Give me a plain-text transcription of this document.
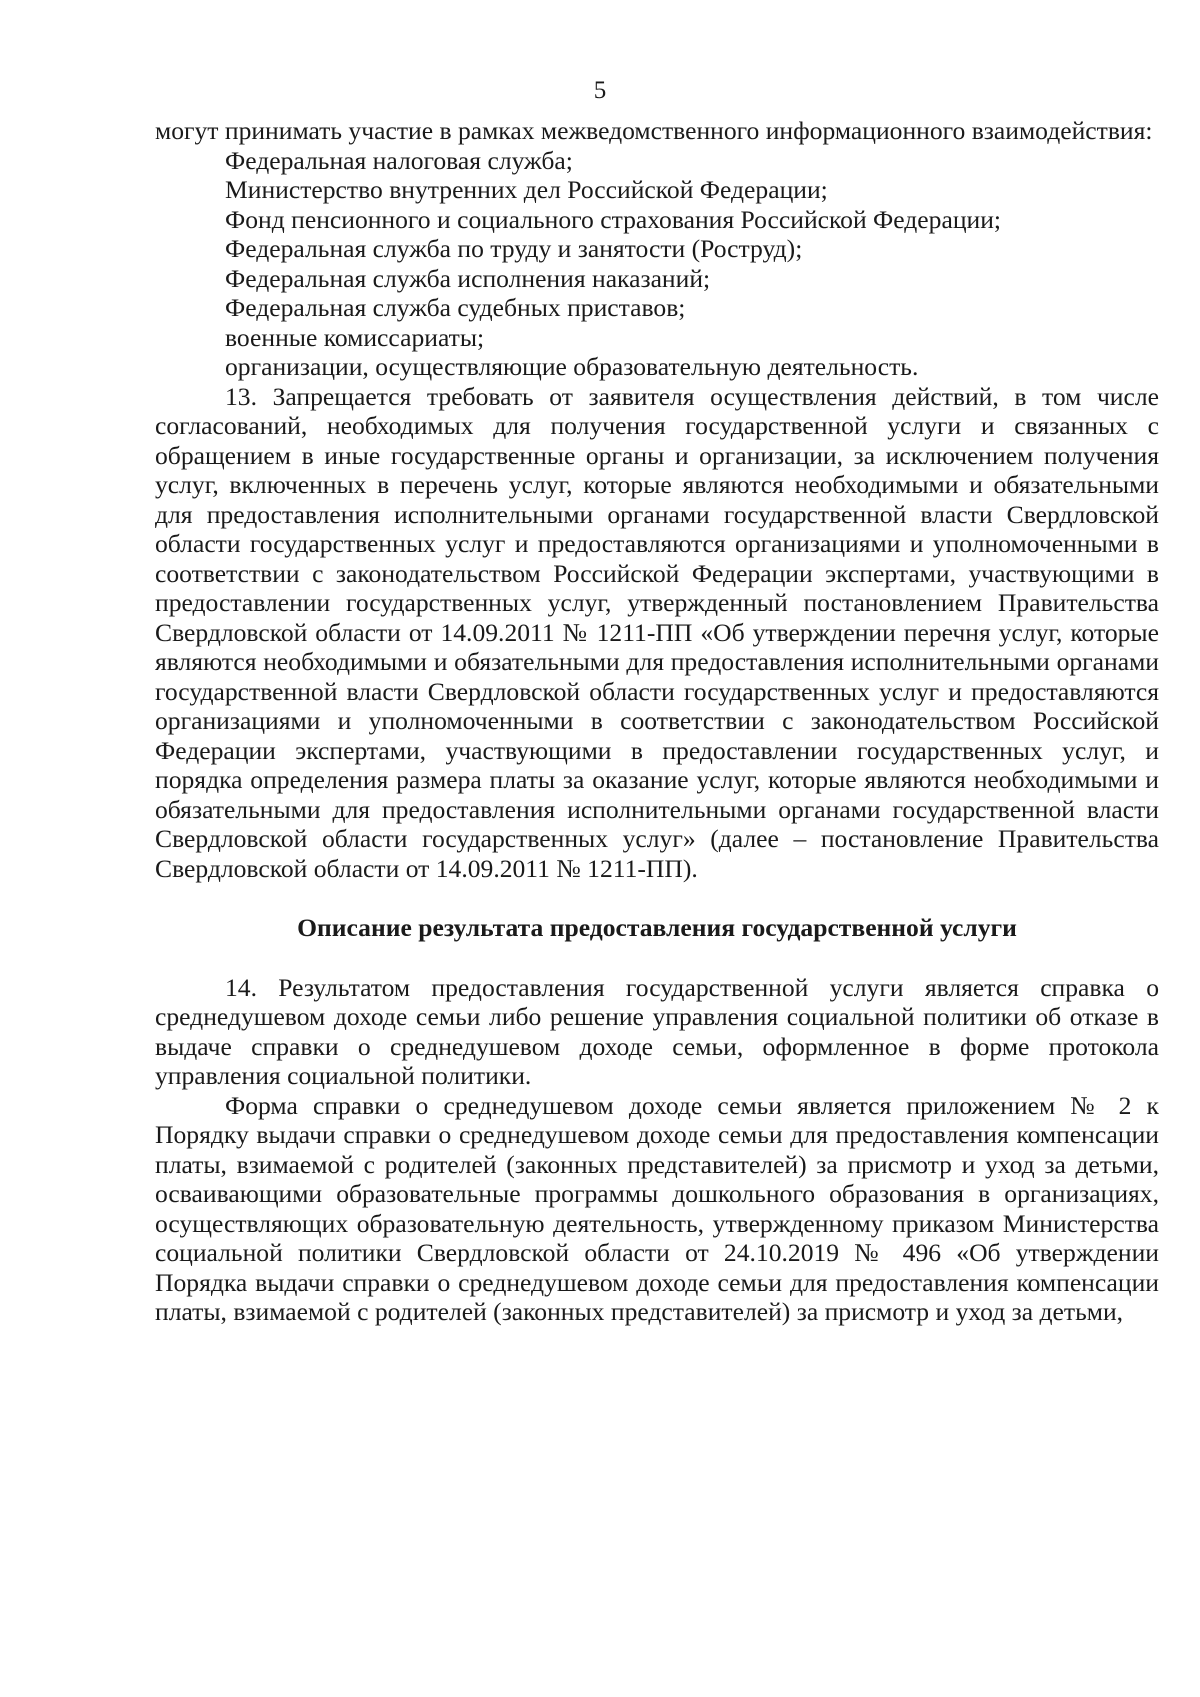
5

могут принимать участие в рамках межведомственного информационного взаимодействия:

Федеральная налоговая служба;

Министерство внутренних дел Российской Федерации;

Фонд пенсионного и социального страхования Российской Федерации;

Федеральная служба по труду и занятости (Роструд);

Федеральная служба исполнения наказаний;

Федеральная служба судебных приставов;

военные комиссариаты;

организации, осуществляющие образовательную деятельность.

13. Запрещается требовать от заявителя осуществления действий, в том числе согласований, необходимых для получения государственной услуги и связанных с обращением в иные государственные органы и организации, за исключением получения услуг, включенных в перечень услуг, которые являются необходимыми и обязательными для предоставления исполнительными органами государственной власти Свердловской области государственных услуг и предоставляются организациями и уполномоченными в соответствии с законодательством Российской Федерации экспертами, участвующими в предоставлении государственных услуг, утвержденный постановлением Правительства Свердловской области от 14.09.2011 № 1211-ПП «Об утверждении перечня услуг, которые являются необходимыми и обязательными для предоставления исполнительными органами государственной власти Свердловской области государственных услуг и предоставляются организациями и уполномоченными в соответствии с законодательством Российской Федерации экспертами, участвующими в предоставлении государственных услуг, и порядка определения размера платы за оказание услуг, которые являются необходимыми и обязательными для предоставления исполнительными органами государственной власти Свердловской области государственных услуг» (далее – постановление Правительства Свердловской области от 14.09.2011 № 1211-ПП).

Описание результата предоставления государственной услуги

14. Результатом предоставления государственной услуги является справка о среднедушевом доходе семьи либо решение управления социальной политики об отказе в выдаче справки о среднедушевом доходе семьи, оформленное в форме протокола управления социальной политики.

Форма справки о среднедушевом доходе семьи является приложением № 2 к Порядку выдачи справки о среднедушевом доходе семьи для предоставления компенсации платы, взимаемой с родителей (законных представителей) за присмотр и уход за детьми, осваивающими образовательные программы дошкольного образования в организациях, осуществляющих образовательную деятельность, утвержденному приказом Министерства социальной политики Свердловской области от 24.10.2019 № 496 «Об утверждении Порядка выдачи справки о среднедушевом доходе семьи для предоставления компенсации платы, взимаемой с родителей (законных представителей) за присмотр и уход за детьми,
